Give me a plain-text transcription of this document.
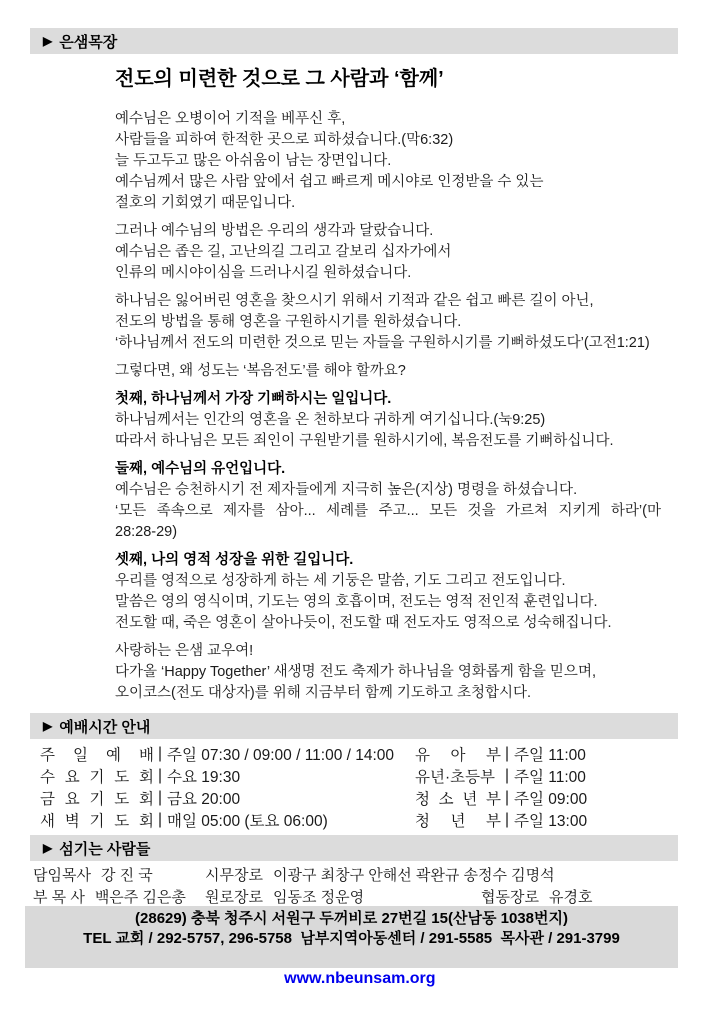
▶ 은샘목장
전도의 미련한 것으로 그 사람과 ‘함께’
예수님은 오병이어 기적을 베푸신 후,
사람들을 피하여 한적한 곳으로 피하셨습니다.(막6:32)
늘 두고두고 많은 아쉬움이 남는 장면입니다.
예수님께서 많은 사람 앞에서 쉽고 빠르게 메시야로 인정받을 수 있는
절호의 기회였기 때문입니다.
그러나 예수님의 방법은 우리의 생각과 달랐습니다.
예수님은 좁은 길, 고난의길 그리고 갈보리 십자가에서
인류의 메시야이심을 드러나시길 원하셨습니다.
하나님은 잃어버린 영혼을 찾으시기 위해서 기적과 같은 쉽고 빠른 길이 아닌,
전도의 방법을 통해 영혼을 구원하시기를 원하셨습니다.
‘하나님께서 전도의 미련한 것으로 믿는 자들을 구원하시기를 기뻐하셨도다’(고전1:21)
그렇다면, 왜 성도는 ‘복음전도’를 해야 할까요?
첫째, 하나님께서 가장 기뻐하시는 일입니다.
하나님께서는 인간의 영혼을 온 천하보다 귀하게 여기십니다.(눅9:25)
따라서 하나님은 모든 죄인이 구원받기를 원하시기에, 복음전도를 기뻐하십니다.
둘째, 예수님의 유언입니다.
예수님은 승천하시기 전 제자들에게 지극히 높은(지상) 명령을 하셨습니다.
‘모든 족속으로 제자를 삼아... 세례를 주고... 모든 것을 가르쳐 지키게 하라’(마
28:28-29)
셋째, 나의 영적 성장을 위한 길입니다.
우리를 영적으로 성장하게 하는 세 기둥은 말씀, 기도 그리고 전도입니다.
말씀은 영의 영식이며, 기도는 영의 호흡이며, 전도는 영적 전인적 훈련입니다.
전도할 때, 죽은 영혼이 살아나듯이, 전도할 때 전도자도 영적으로 성숙해집니다.
사랑하는 은샘 교우여!
다가올 ‘Happy Together’ 새생명 전도 축제가 하나님을 영화롭게 함을 믿으며,
오이코스(전도 대상자)를 위해 지금부터 함께 기도하고 초청합시다.
▶ 예배시간 안내
주 일 예 배 | 주일 07:30 / 09:00 / 11:00 / 14:00
수 요 기 도 회 | 수요 19:30
금 요 기 도 회 | 금요 20:00
새 벽 기 도 회 | 매일 05:00 (토요 06:00)
유 아 부 | 주일 11:00
유년·초등부 | 주일 11:00
청 소 년 부 | 주일 09:00
청 년 부 | 주일 13:00
▶ 섬기는 사람들
담임목사 강 진 국	시무장로 이광구 최창구 안해선 곽완규 송정수 김명석
부 목 사 백은주 김은총 원로장로 임동조 정운영	협동장로 유경호
(28629) 충북 청주시 서원구 두꺼비로 27번길 15(산남동 1038번지)
TEL 교회 / 292-5757, 296-5758  남부지역아동센터 / 291-5585  목사관 / 291-3799

www.nbeunsam.org
